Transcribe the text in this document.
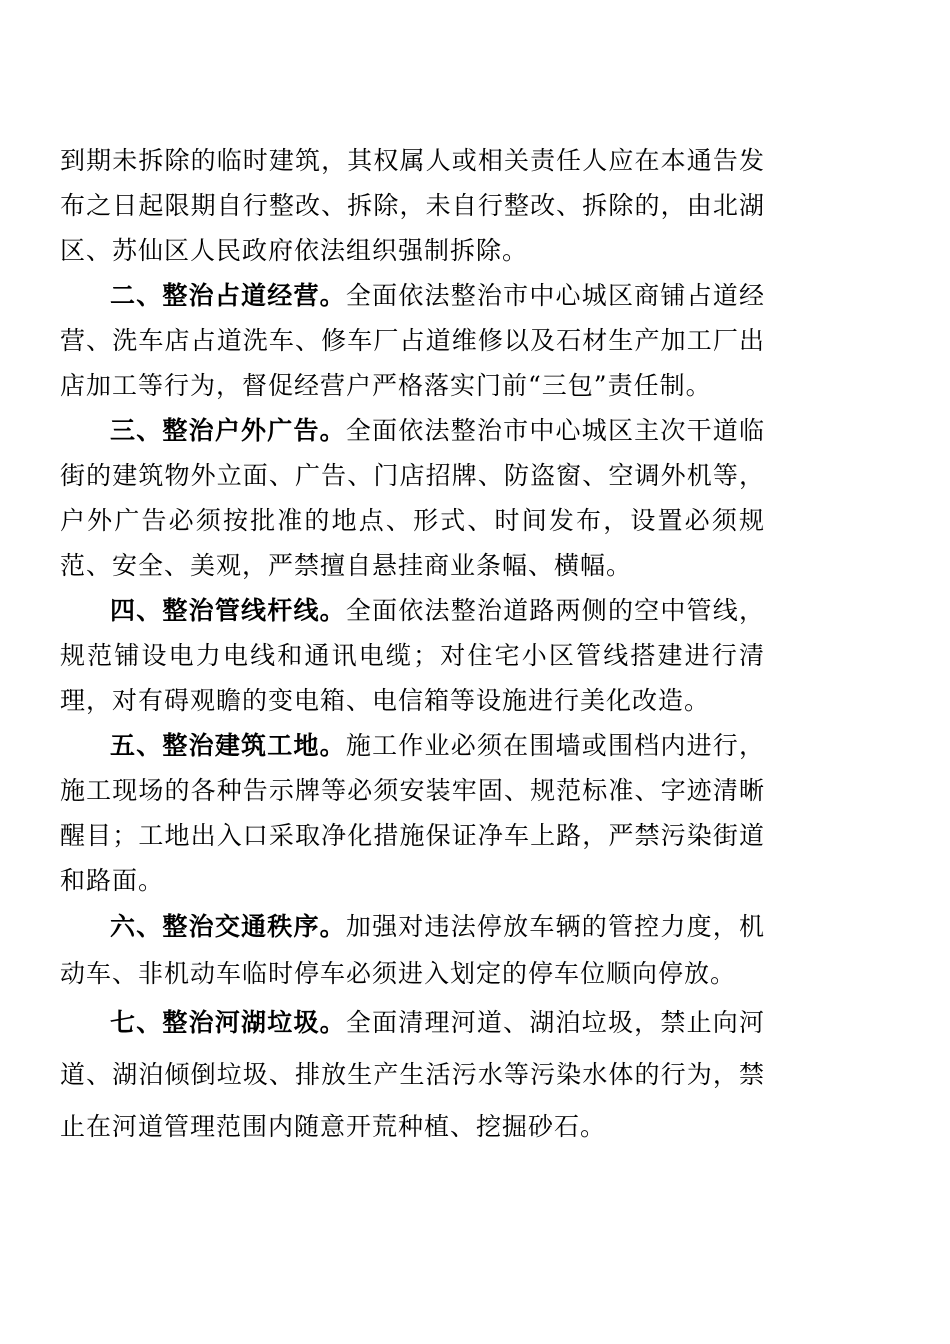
到期未拆除的临时建筑，其权属人或相关责任人应在本通告发布之日起限期自行整改、拆除，未自行整改、拆除的，由北湖区、苏仙区人民政府依法组织强制拆除。

二、整治占道经营。全面依法整治市中心城区商铺占道经营、洗车店占道洗车、修车厂占道维修以及石材生产加工厂出店加工等行为，督促经营户严格落实门前“三包”责任制。

三、整治户外广告。全面依法整治市中心城区主次干道临街的建筑物外立面、广告、门店招牌、防盗窗、空调外机等，户外广告必须按批准的地点、形式、时间发布，设置必须规范、安全、美观，严禁擅自悬挂商业条幅、横幅。

四、整治管线杆线。全面依法整治道路两侧的空中管线，规范铺设电力电线和通讯电缆；对住宅小区管线搭建进行清理，对有碍观瞻的变电箱、电信箱等设施进行美化改造。

五、整治建筑工地。施工作业必须在围墙或围档内进行，施工现场的各种告示牌等必须安装牢固、规范标准、字迹清晰醒目；工地出入口采取净化措施保证净车上路，严禁污染街道和路面。

六、整治交通秩序。加强对违法停放车辆的管控力度，机动车、非机动车临时停车必须进入划定的停车位顺向停放。

七、整治河湖垃圾。全面清理河道、湖泊垃圾，禁止向河道、湖泊倾倒垃圾、排放生产生活污水等污染水体的行为，禁止在河道管理范围内随意开荒种植、挖掘砂石。
